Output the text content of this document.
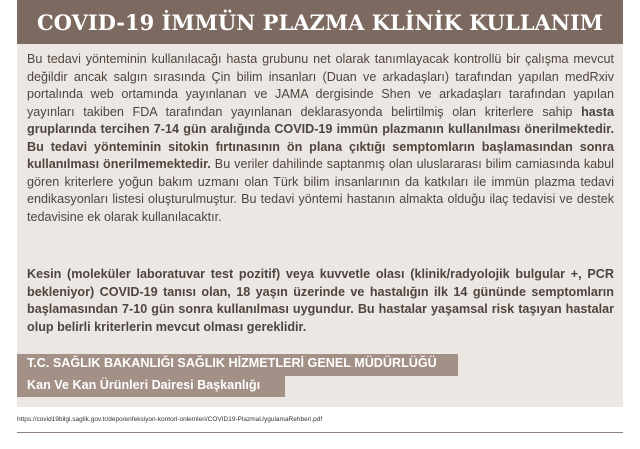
COVID-19 İMMÜN PLAZMA KLİNİK KULLANIM

Bu tedavi yönteminin kullanılacağı hasta grubunu net olarak tanımlayacak kontrollü bir çalışma mevcut değildir ancak salgın sırasında Çin bilim insanları (Duan ve arkadaşları) tarafından yapılan medRxiv portalında web ortamında yayınlanan ve JAMA dergisinde Shen ve arkadaşları tarafından yapılan yayınları takiben FDA tarafından yayınlanan deklarasyonda belirtilmiş olan kriterlere sahip hasta gruplarında tercihen 7-14 gün aralığında COVID-19 immün plazmanın kullanılması önerilmektedir. Bu tedavi yönteminin sitokin fırtınasının ön plana çıktığı semptomların başlamasından sonra kullanılması önerilmemektedir. Bu veriler dahilinde saptanmış olan uluslararası bilim camiasında kabul gören kriterlere yoğun bakım uzmanı olan Türk bilim insanlarının da katkıları ile immün plazma tedavi endikasyonları listesi oluşturulmuştur. Bu tedavi yöntemi hastanın almakta olduğu ilaç tedavisi ve destek tedavisine ek olarak kullanılacaktır.

Kesin (moleküler laboratuvar test pozitif) veya kuvvetle olası (klinik/radyolojik bulgular +, PCR bekleniyor) COVID-19 tanısı olan, 18 yaşın üzerinde ve hastalığın ilk 14 gününde semptomların başlamasından 7-10 gün sonra kullanılması uygundur. Bu hastalar yaşamsal risk taşıyan hastalar olup belirli kriterlerin mevcut olması gereklidir.

T.C. SAĞLIK BAKANLIĞI SAĞLIK HİZMETLERİ GENEL MÜDÜRLÜĞÜ
Kan Ve Kan Ürünleri Dairesi Başkanlığı
https://covid19bilgi.saglik.gov.tr/depo/enfeksiyon-kontorl-onlemleri/COVID19-PlazmaUygulamaRehberi.pdf
